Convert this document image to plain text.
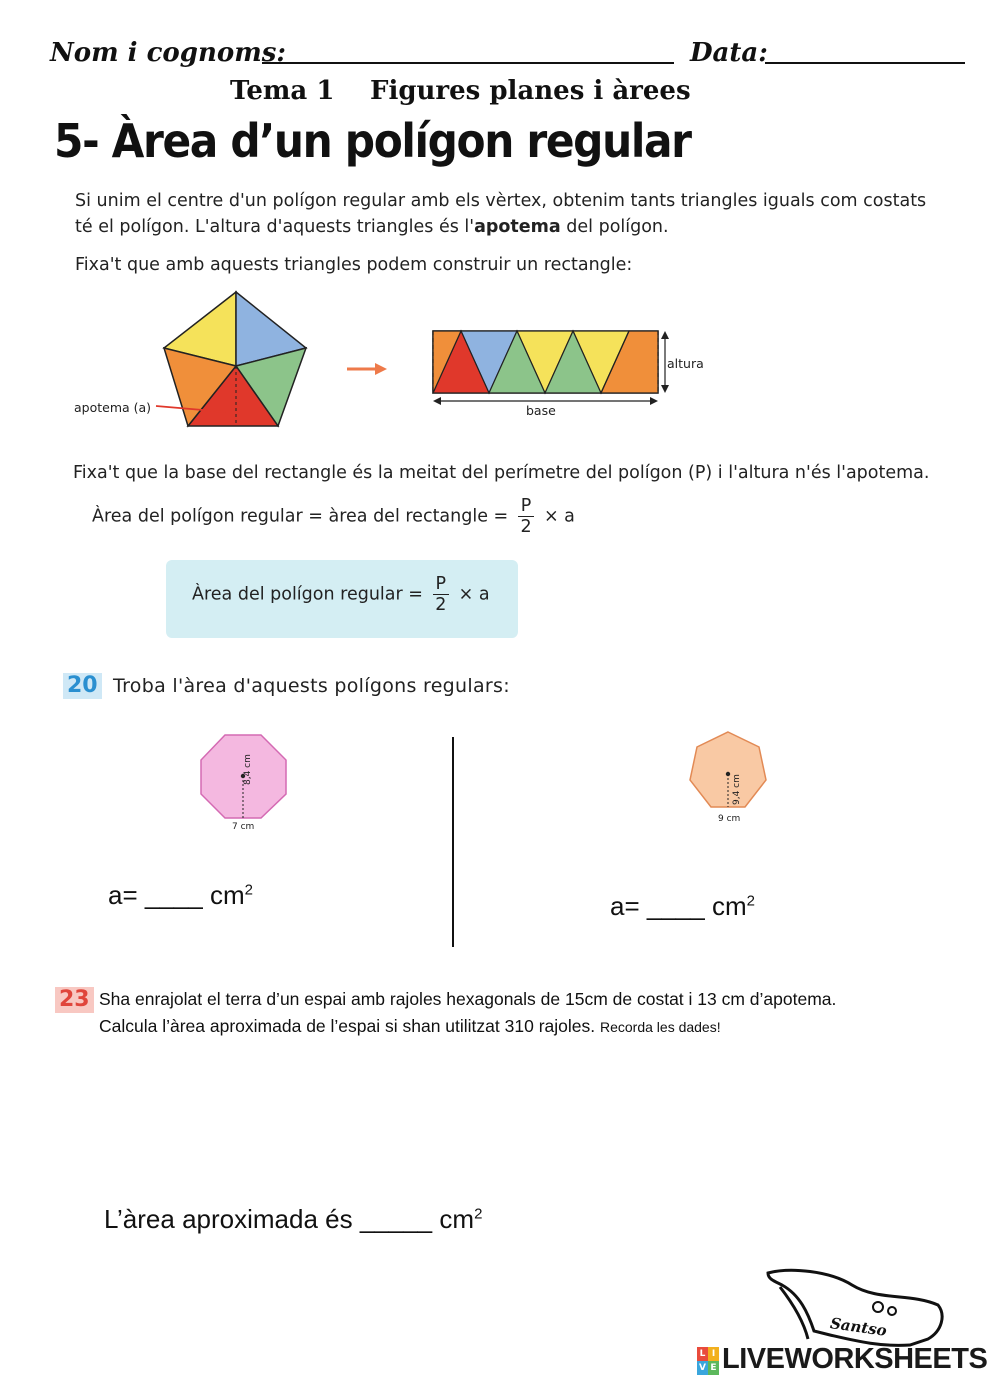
Nom i cognoms:	Data:
Tema 1 Figures planes i àrees
5- Àrea d’un polígon regular
Si unim el centre d'un polígon regular amb els vèrtex, obtenim tants triangles iguals com costats
té el polígon. L'altura d'aquests triangles és l'apotema del polígon.
Fixa't que amb aquests triangles podem construir un rectangle:
apotema (a)
altura
base
Fixa't que la base del rectangle és la meitat del perímetre del polígon (P) i l'altura n'és l'apotema.
Àrea del polígon regular = àrea del rectangle = $\frac{P}{2} \times a$
Àrea del polígon regular = $\frac{P}{2} \times a$
20 Troba l'àrea d'aquests polígons regulars:
8,4 cm
7 cm
9,4 cm
9 cm
a= ____ $cm^2$
a= ____ $cm^2$
23 Sha enrajolat el terra d’un espai amb rajoles hexagonals de 15cm de costat i 13 cm d’apotema.
Calcula l’àrea aproximada de l’espai si shan utilitzat 310 rajoles. Recorda les dades!
L’àrea aproximada és _____ $cm^2$
Santso
L I
V E LIVEWORKSHEETS
